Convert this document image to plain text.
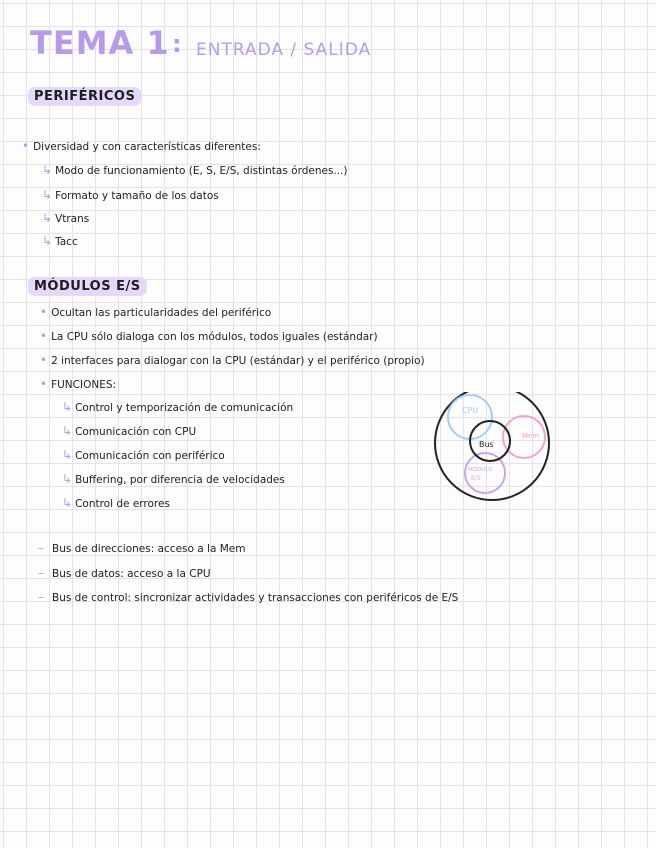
TEMA 1 : ENTRADA / SALIDA
PERIFÉRICOS
• Diversidad y con características diferentes:
↳ Modo de funcionamiento (E, S, E/S, distintas órdenes...)
↳ Formato y tamaño de los datos
↳ Vtrans
↳ Tacc
MÓDULOS E/S
• Ocultan las particularidades del periférico
• La CPU sólo dialoga con los módulos, todos iguales (estándar)
• 2 interfaces para dialogar con la CPU (estándar) y el periférico (propio)
• FUNCIONES:
↳ Control y temporización de comunicación
↳ Comunicación con CPU
↳ Comunicación con periférico
↳ Buffering, por diferencia de velocidades
↳ Control de errores
– Bus de direcciones: acceso a la Mem
– Bus de datos: acceso a la CPU
– Bus de control: sincronizar actividades y transacciones con periféricos de E/S
CPU
Mem
Bus
MÓDULO
E/S
